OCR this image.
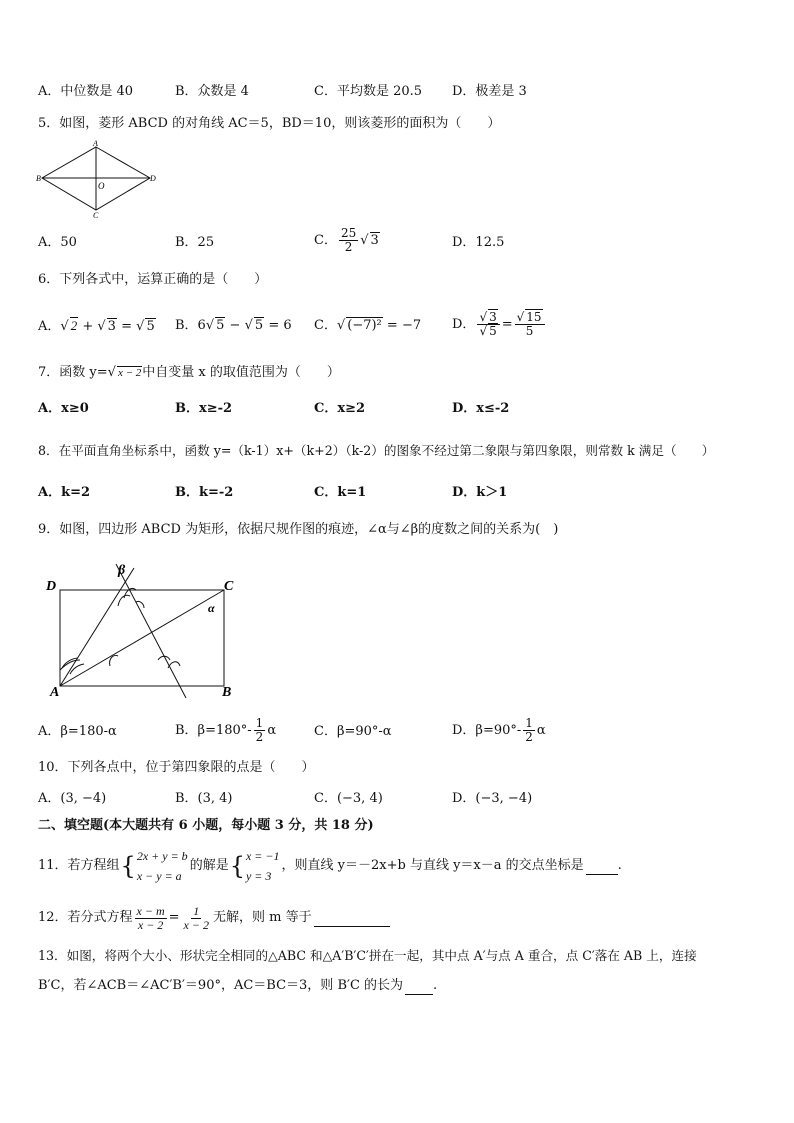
A．中位数是 40	B．众数是 4	C．平均数是 20.5 D．极差是 3
5．如图，菱形 ABCD 的对角线 AC＝5，BD＝10，则该菱形的面积为（　　）
A
B
C
D
O
A．50	B．25	C． $\frac{25}{2}$ √ 3	D．12.5
6．下列各式中，运算正确的是（　　）
A．√ 2 + √ 3 = √ 5 B．6√ 5 − √ 5 = 6 C．√ (−7)² = −7 D． $\frac{√ 3}{√ 5} = \frac{√ 15}{5}$
7．函数 y=√ x − 2中自变量 x 的取值范围为（　　）
A．x≥0	B．x≥-2	C．x≥2	D．x≤-2
8．在平面直角坐标系中，函数 y=（k-1）x+（k+2）（k-2）的图象不经过第二象限与第四象限，则常数 k 满足（　　）
A．k=2	B．k=-2	C．k=1	D．k＞1
9．如图，四边形 ABCD 为矩形，依据尺规作图的痕迹，∠α与∠β的度数之间的关系为(　)
D	C
A	B
β
α
A．β=180-α	B．$\beta=180^\circ- \frac{1}{2}$ α	C．β=90°-α	D．$\beta=90^\circ- \frac{1}{2}$ α
10．下列各点中，位于第四象限的点是（　　）
A．(3, −4)	B．(3, 4)	C．(−3, 4)	D．(−3, −4)
二、填空题(本大题共有 6 小题，每小题 3 分，共 18 分)
11．若方程组 { 2x + y = b
x − y = a
的解是 { x = −1
y = 3
，则直线 y＝－2x+b 与直线 y＝x－a 的交点坐标是	.
12．若分式方程 $\frac{x - m}{x - 2} = \frac{1}{x - 2}$ 无解，则 m 等于
13．如图，将两个大小、形状完全相同的△ABC 和△A′B′C′拼在一起，其中点 A′与点 A 重合，点 C′落在 AB 上，连接
B′C，若∠ACB＝∠AC′B′＝90°，AC＝BC＝3，则 B′C 的长为 .
